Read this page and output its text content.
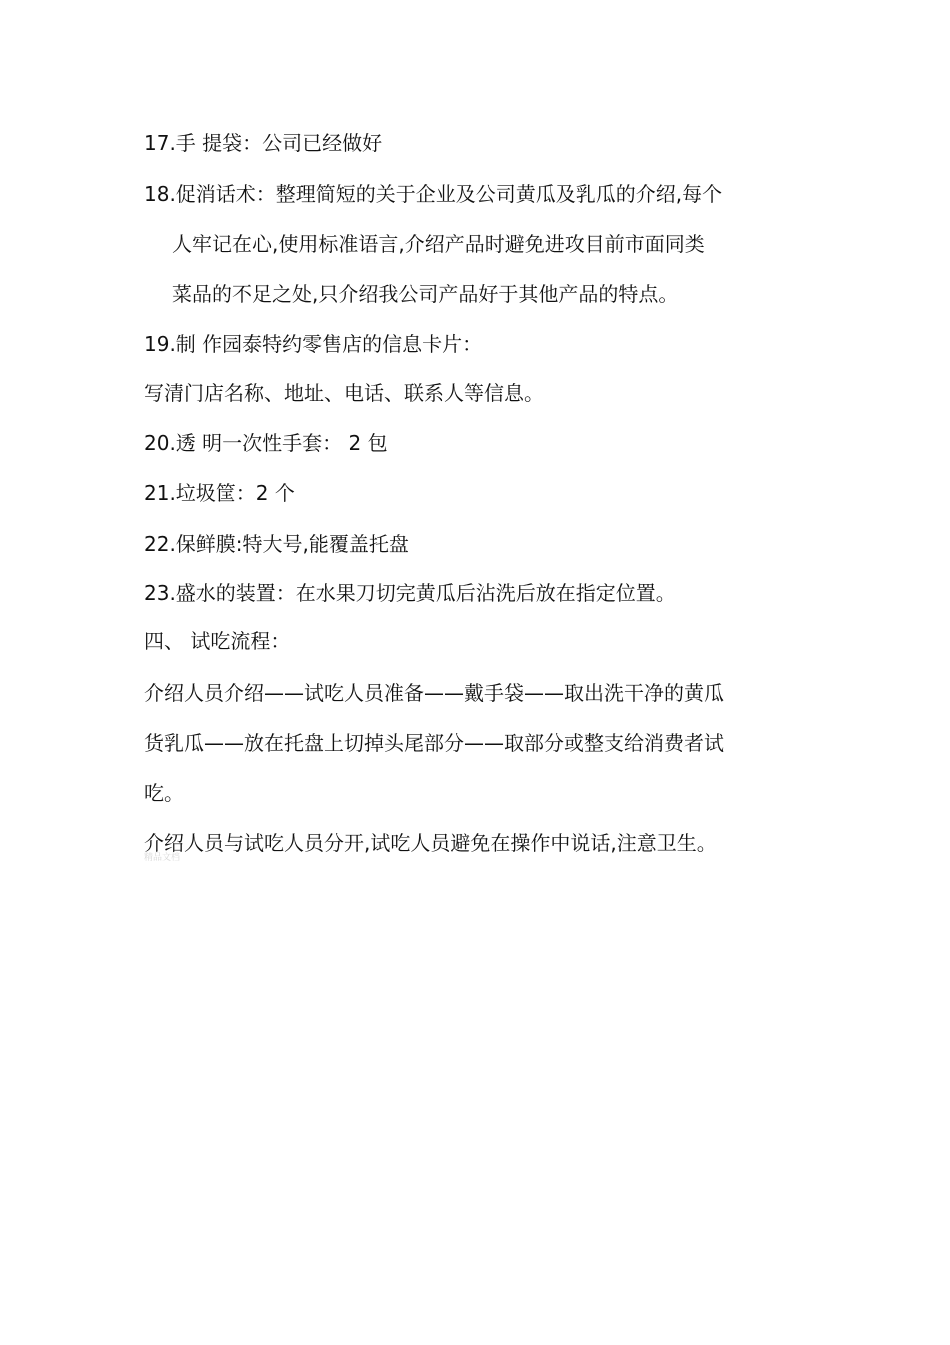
17.手 提袋：公司已经做好
18.促消话术：整理简短的关于企业及公司黄瓜及乳瓜的介绍,每个
人牢记在心,使用标准语言,介绍产品时避免进攻目前市面同类
菜品的不足之处,只介绍我公司产品好于其他产品的特点。
19.制 作园泰特约零售店的信息卡片：
写清门店名称、地址、电话、联系人等信息。
20.透 明一次性手套： 2 包
21.垃圾筐：2 个
22.保鲜膜:特大号,能覆盖托盘
23.盛水的装置：在水果刀切完黄瓜后沾洗后放在指定位置。
四、 试吃流程：
介绍人员介绍——试吃人员准备——戴手袋——取出洗干净的黄瓜
货乳瓜——放在托盘上切掉头尾部分——取部分或整支给消费者试
吃。
介绍人员与试吃人员分开,试吃人员避免在操作中说话,注意卫生。
精品文档
